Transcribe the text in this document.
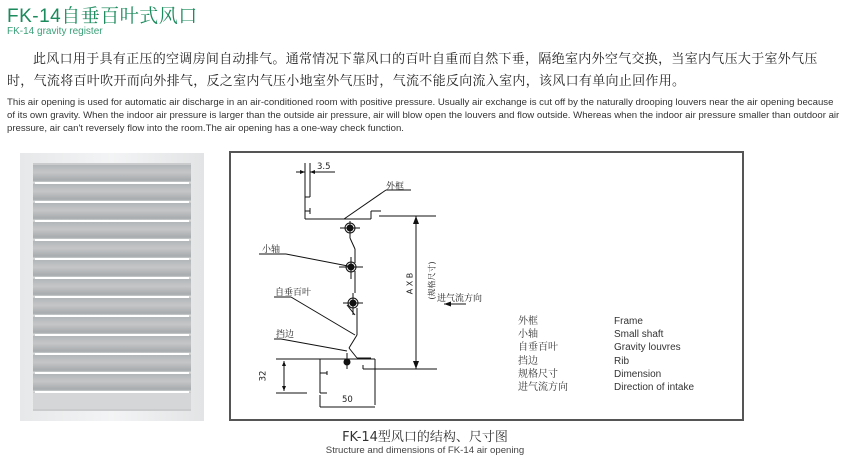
FK-14自垂百叶式风口
FK-14 gravity register
此风口用于具有正压的空调房间自动排气。通常情况下靠风口的百叶自重而自然下垂，隔绝室内外空气交换，当室内气压大于室外气压时，气流将百叶吹开而向外排气，反之室内气压小地室外气压时，气流不能反向流入室内，该风口有单向止回作用。
This air opening is used for automatic air discharge in an air-conditioned room with positive pressure. Usually air exchange is cut off by the naturally drooping louvers near the air opening because of its own gravity. When the indoor air pressure is larger than the outside air pressure, air will blow open the louvers and flow outside. Whereas when the indoor air pressure smaller than outdoor air pressure, air can't reversely flow into the room.The air opening has a one-way check function.
3.5
外框
小轴
自垂百叶
挡边
进气流方向
32
50
A X B (规格尺寸)
外框	Frame
小轴	Small shaft
自垂百叶	Gravity louvres
挡边	Rib
规格尺寸	Dimension
进气流方向	Direction of intake
FK-14型风口的结构、尺寸图
Structure and dimensions of FK-14 air opening
